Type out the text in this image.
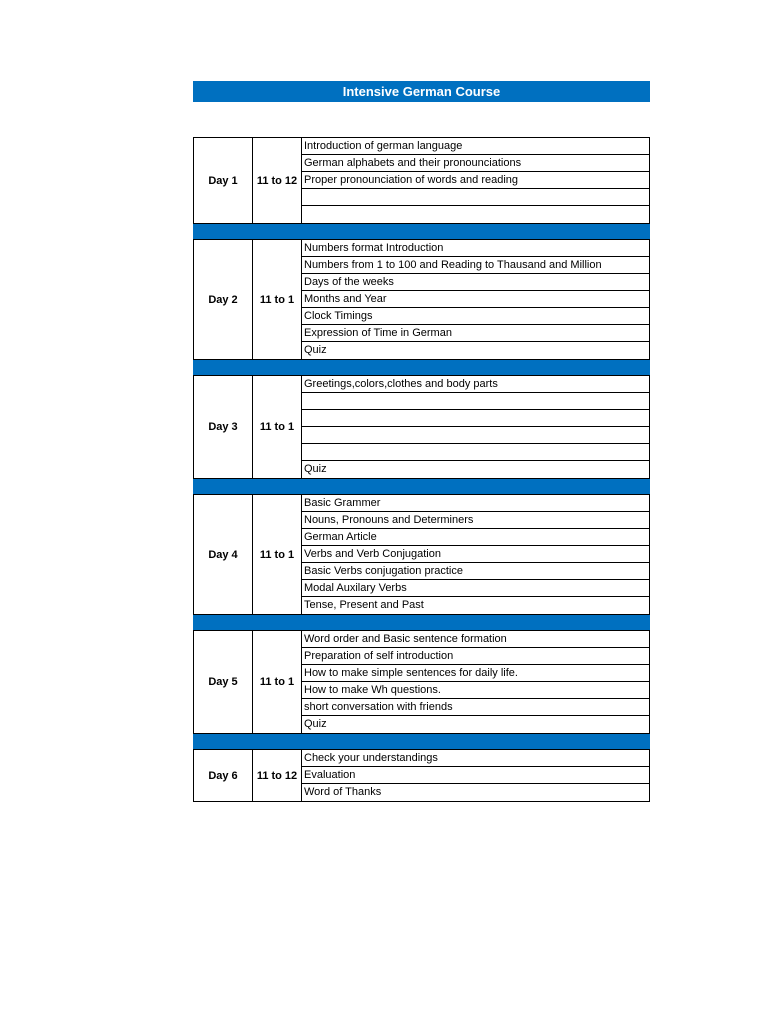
Intensive German Course
Day 1	11 to 12
Introduction of german language
German alphabets and their pronounciations
Proper pronounciation of words and reading
Day 2	11 to 1
Numbers format Introduction
Numbers from 1 to 100 and Reading to Thausand and Million
Days of the weeks
Months and Year
Clock Timings
Expression of Time in German
Quiz
Day 3	11 to 1
Greetings,colors,clothes and body parts
Quiz
Day 4	11 to 1
Basic Grammer
Nouns, Pronouns and Determiners
German Article
Verbs and Verb Conjugation
Basic Verbs conjugation practice
Modal Auxilary Verbs
Tense, Present and Past
Day 5	11 to 1
Word order and Basic sentence formation
Preparation of self introduction
How to make simple sentences for daily life.
How to make Wh questions.
short conversation with friends
Quiz
Day 6	11 to 12
Check your understandings
Evaluation
Word of Thanks
